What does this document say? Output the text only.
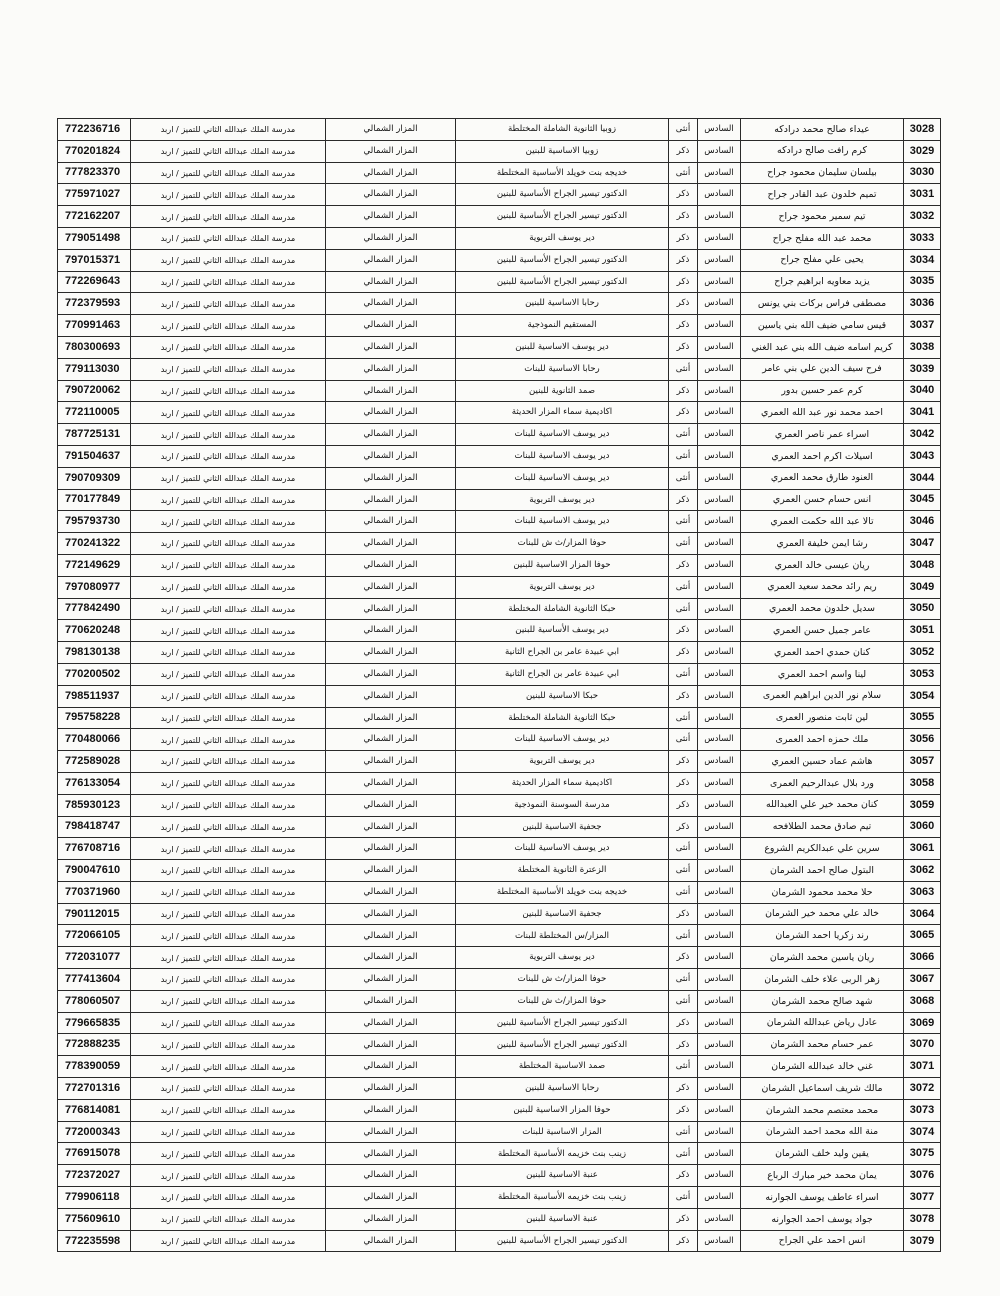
772236716	مدرسة الملك عبدالله الثاني للتميز / اربد	المزار الشمالي	زوبيا الثانوية الشاملة المختلطة	أنثى	السادس	عيداء صالح محمد درادكه	3028
770201824	مدرسة الملك عبدالله الثاني للتميز / اربد	المزار الشمالي	زوبيا الاساسية للبنين	ذكر	السادس	كرم رافت صالح درادكه	3029
777823370	مدرسة الملك عبدالله الثاني للتميز / اربد	المزار الشمالي	خديجه بنت خويلد الأساسية المختلطة	أنثى	السادس	بيلسان سليمان محمود جراح	3030
775971027	مدرسة الملك عبدالله الثاني للتميز / اربد	المزار الشمالي	الدكتور تيسير الجراح الأساسية للبنين	ذكر	السادس	تميم خلدون عبد القادر جراح	3031
772162207	مدرسة الملك عبدالله الثاني للتميز / اربد	المزار الشمالي	الدكتور تيسير الجراح الأساسية للبنين	ذكر	السادس	تيم سمير محمود جراح	3032
779051498	مدرسة الملك عبدالله الثاني للتميز / اربد	المزار الشمالي	دير يوسف التربوية	ذكر	السادس	محمد عبد الله مفلح جراح	3033
797015371	مدرسة الملك عبدالله الثاني للتميز / اربد	المزار الشمالي	الدكتور تيسير الجراح الأساسية للبنين	ذكر	السادس	يحيى علي مفلح جراح	3034
772269643	مدرسة الملك عبدالله الثاني للتميز / اربد	المزار الشمالي	الدكتور تيسير الجراح الأساسية للبنين	ذكر	السادس	يزيد معاويه ابراهيم جراح	3035
772379593	مدرسة الملك عبدالله الثاني للتميز / اربد	المزار الشمالي	رحابا الاساسية للبنين	ذكر	السادس	مصطفى فراس بركات بني يونس	3036
770991463	مدرسة الملك عبدالله الثاني للتميز / اربد	المزار الشمالي	المستقيم النموذجية	ذكر	السادس	قيس سامي ضيف الله بني ياسين	3037
780300693	مدرسة الملك عبدالله الثاني للتميز / اربد	المزار الشمالي	دير يوسف الاساسية للبنين	ذكر	السادس	كريم اسامه ضيف الله بني عبد الغني	3038
779113030	مدرسة الملك عبدالله الثاني للتميز / اربد	المزار الشمالي	رحابا الاساسية للبنات	أنثى	السادس	فرح سيف الدين علي بني عامر	3039
790720062	مدرسة الملك عبدالله الثاني للتميز / اربد	المزار الشمالي	صمد الثانوية للبنين	ذكر	السادس	كرم عمر حسين بدور	3040
772110005	مدرسة الملك عبدالله الثاني للتميز / اربد	المزار الشمالي	اكاديمية سماء المزار الحديثة	ذكر	السادس	احمد محمد نور عبد الله العمري	3041
787725131	مدرسة الملك عبدالله الثاني للتميز / اربد	المزار الشمالي	دير يوسف الاساسية للبنات	أنثى	السادس	اسراء عمر ناصر العمري	3042
791504637	مدرسة الملك عبدالله الثاني للتميز / اربد	المزار الشمالي	دير يوسف الاساسية للبنات	أنثى	السادس	اسيلات اكرم احمد العمري	3043
790709309	مدرسة الملك عبدالله الثاني للتميز / اربد	المزار الشمالي	دير يوسف الاساسية للبنات	أنثى	السادس	العنود طارق محمد العمري	3044
770177849	مدرسة الملك عبدالله الثاني للتميز / اربد	المزار الشمالي	دير يوسف التربوية	ذكر	السادس	انس حسام حسن العمري	3045
795793730	مدرسة الملك عبدالله الثاني للتميز / اربد	المزار الشمالي	دير يوسف الاساسية للبنات	أنثى	السادس	تالا عبد الله حكمت العمري	3046
770241322	مدرسة الملك عبدالله الثاني للتميز / اربد	المزار الشمالي	حوفا المزار/ث ش للبنات	أنثى	السادس	رشا ايمن خليفة العمري	3047
772149629	مدرسة الملك عبدالله الثاني للتميز / اربد	المزار الشمالي	حوفا المزار الاساسية للبنين	ذكر	السادس	ريان عيسى خالد العمري	3048
797080977	مدرسة الملك عبدالله الثاني للتميز / اربد	المزار الشمالي	دير يوسف التربوية	أنثى	السادس	ريم رائد محمد سعيد العمري	3049
777842490	مدرسة الملك عبدالله الثاني للتميز / اربد	المزار الشمالي	حبكا الثانوية الشاملة المختلطة	أنثى	السادس	سديل خلدون محمد العمري	3050
770620248	مدرسة الملك عبدالله الثاني للتميز / اربد	المزار الشمالي	دير يوسف الأساسية للبنين	ذكر	السادس	عامر جميل حسن العمري	3051
798130138	مدرسة الملك عبدالله الثاني للتميز / اربد	المزار الشمالي	ابي عبيدة عامر بن الجراح الثانية	ذكر	السادس	كنان حمدي احمد العمري	3052
770200502	مدرسة الملك عبدالله الثاني للتميز / اربد	المزار الشمالي	ابي عبيدة عامر بن الجراح الثانية	أنثى	السادس	لينا واسم احمد العمري	3053
798511937	مدرسة الملك عبدالله الثاني للتميز / اربد	المزار الشمالي	حبكا الاساسية للبنين	ذكر	السادس	سلام نور الدين ابراهيم العمرى	3054
795758228	مدرسة الملك عبدالله الثاني للتميز / اربد	المزار الشمالي	حبكا الثانوية الشاملة المختلطة	أنثى	السادس	لين ثابت منصور العمرى	3055
770480066	مدرسة الملك عبدالله الثاني للتميز / اربد	المزار الشمالي	دير يوسف الاساسية للبنات	أنثى	السادس	ملك حمزه احمد العمرى	3056
772589028	مدرسة الملك عبدالله الثاني للتميز / اربد	المزار الشمالي	دير يوسف التربوية	ذكر	السادس	هاشم عماد حسين العمري	3057
776133054	مدرسة الملك عبدالله الثاني للتميز / اربد	المزار الشمالي	اكاديمية سماء المزار الحديثة	ذكر	السادس	ورد بلال عبدالرحيم العمرى	3058
785930123	مدرسة الملك عبدالله الثاني للتميز / اربد	المزار الشمالي	مدرسة السوسنة النموذجية	ذكر	السادس	كنان محمد خير علي العبدالله	3059
798418747	مدرسة الملك عبدالله الثاني للتميز / اربد	المزار الشمالي	جحفية الاساسية للبنين	ذكر	السادس	تيم صادق محمد الطلافحه	3060
776708716	مدرسة الملك عبدالله الثاني للتميز / اربد	المزار الشمالي	دير يوسف الاساسية للبنات	أنثى	السادس	سرين علي عبدالكريم الشروع	3061
790047610	مدرسة الملك عبدالله الثاني للتميز / اربد	المزار الشمالي	الزعترة الثانوية المختلطة	أنثى	السادس	البتول صالح احمد الشرمان	3062
770371960	مدرسة الملك عبدالله الثاني للتميز / اربد	المزار الشمالي	خديجه بنت خويلد الأساسية المختلطة	أنثى	السادس	حلا محمد محمود الشرمان	3063
790112015	مدرسة الملك عبدالله الثاني للتميز / اربد	المزار الشمالي	جحفية الاساسية للبنين	ذكر	السادس	خالد علي محمد خير الشرمان	3064
772066105	مدرسة الملك عبدالله الثاني للتميز / اربد	المزار الشمالي	المزار/س المختلطة للبنات	أنثى	السادس	رند زكريا احمد الشرمان	3065
772031077	مدرسة الملك عبدالله الثاني للتميز / اربد	المزار الشمالي	دير يوسف التربوية	ذكر	السادس	ريان ياسين محمد الشرمان	3066
777413604	مدرسة الملك عبدالله الثاني للتميز / اربد	المزار الشمالي	حوفا المزار/ث ش للبنات	أنثى	السادس	زهر الربى علاء خلف الشرمان	3067
778060507	مدرسة الملك عبدالله الثاني للتميز / اربد	المزار الشمالي	حوفا المزار/ث ش للبنات	أنثى	السادس	شهد صالح محمد الشرمان	3068
779665835	مدرسة الملك عبدالله الثاني للتميز / اربد	المزار الشمالي	الدكتور تيسير الجراح الأساسية للبنين	ذكر	السادس	عادل رياض عبدالله الشرمان	3069
772888235	مدرسة الملك عبدالله الثاني للتميز / اربد	المزار الشمالي	الدكتور تيسير الجراح الأساسية للبنين	ذكر	السادس	عمر حسام محمد الشرمان	3070
778390059	مدرسة الملك عبدالله الثاني للتميز / اربد	المزار الشمالي	صمد الاساسية المختلطة	أنثى	السادس	غني خالد عبدالله الشرمان	3071
772701316	مدرسة الملك عبدالله الثاني للتميز / اربد	المزار الشمالي	رحابا الاساسية للبنين	ذكر	السادس	مالك شريف اسماعيل الشرمان	3072
776814081	مدرسة الملك عبدالله الثاني للتميز / اربد	المزار الشمالي	حوفا المزار الاساسية للبنين	ذكر	السادس	محمد معتصم محمد الشرمان	3073
772000343	مدرسة الملك عبدالله الثاني للتميز / اربد	المزار الشمالي	المزار الاساسية للبنات	أنثى	السادس	منة الله محمد احمد الشرمان	3074
776915078	مدرسة الملك عبدالله الثاني للتميز / اربد	المزار الشمالي	زينب بنت خزيمه الأساسية المختلطة	أنثى	السادس	يقين وليد خلف الشرمان	3075
772372027	مدرسة الملك عبدالله الثاني للتميز / اربد	المزار الشمالي	عنبة الاساسية للبنين	ذكر	السادس	يمان محمد خير مبارك الرباع	3076
779906118	مدرسة الملك عبدالله الثاني للتميز / اربد	المزار الشمالي	زينب بنت خزيمه الأساسية المختلطة	أنثى	السادس	اسراء عاطف يوسف الجوارنه	3077
775609610	مدرسة الملك عبدالله الثاني للتميز / اربد	المزار الشمالي	عنبة الاساسية للبنين	ذكر	السادس	جواد يوسف احمد الجوارنه	3078
772235598	مدرسة الملك عبدالله الثاني للتميز / اربد	المزار الشمالي	الدكتور تيسير الجراح الأساسية للبنين	ذكر	السادس	انس احمد علي الجراح	3079
